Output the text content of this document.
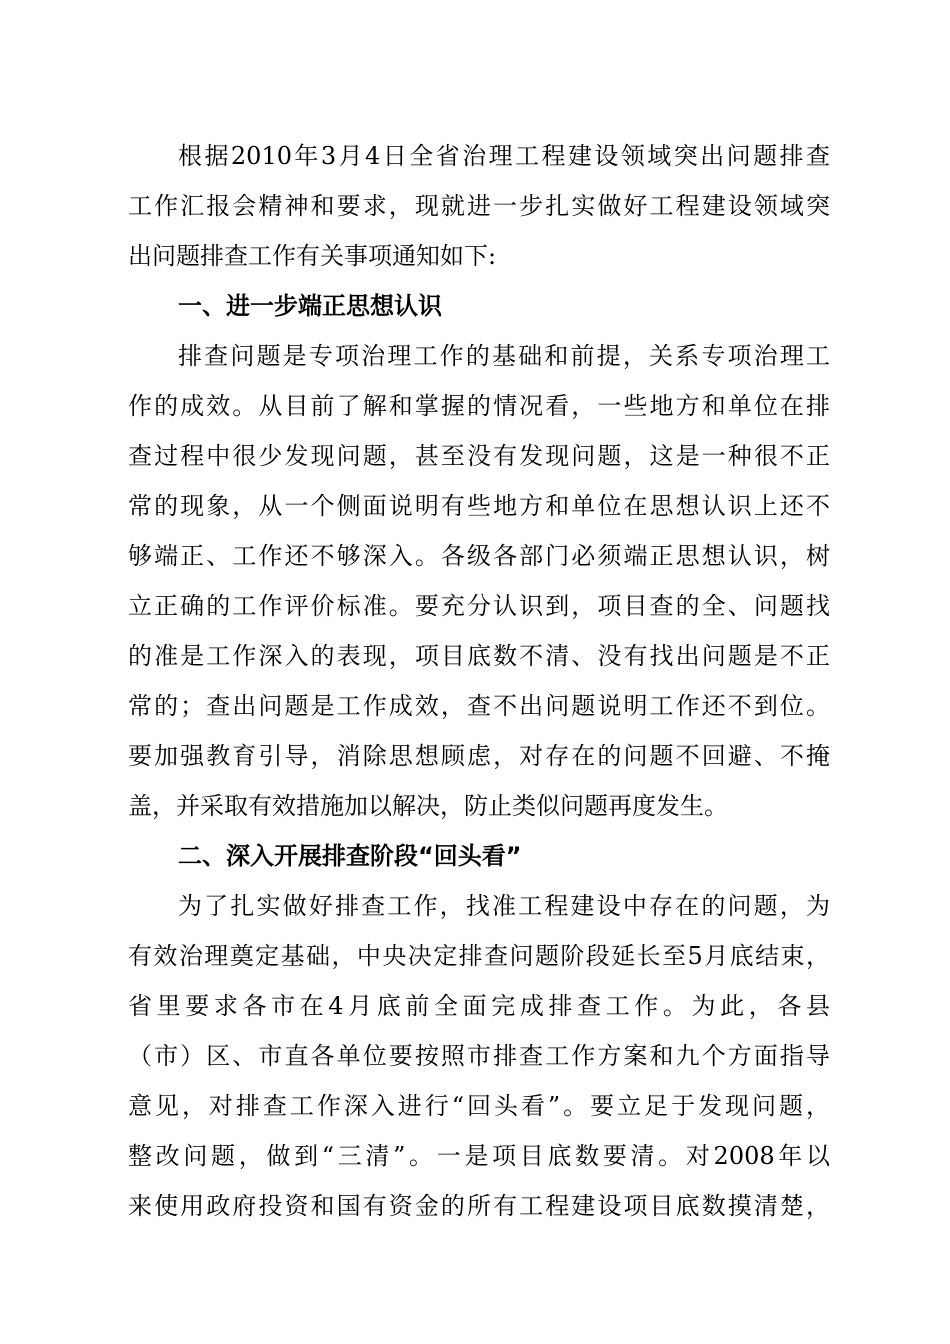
根据2010年3月4日全省治理工程建设领域突出问题排查
工作汇报会精神和要求，现就进一步扎实做好工程建设领域突
出问题排查工作有关事项通知如下:
一、进一步端正思想认识
排查问题是专项治理工作的基础和前提，关系专项治理工
作的成效。从目前了解和掌握的情况看，一些地方和单位在排
查过程中很少发现问题，甚至没有发现问题，这是一种很不正
常的现象，从一个侧面说明有些地方和单位在思想认识上还不
够端正、工作还不够深入。各级各部门必须端正思想认识，树
立正确的工作评价标准。要充分认识到，项目查的全、问题找
的准是工作深入的表现，项目底数不清、没有找出问题是不正
常的；查出问题是工作成效，查不出问题说明工作还不到位。
要加强教育引导，消除思想顾虑，对存在的问题不回避、不掩
盖，并采取有效措施加以解决，防止类似问题再度发生。
二、深入开展排查阶段“回头看”
为了扎实做好排查工作，找准工程建设中存在的问题，为
有效治理奠定基础，中央决定排查问题阶段延长至5月底结束，
省里要求各市在4月底前全面完成排查工作。为此，各县
（市）区、市直各单位要按照市排查工作方案和九个方面指导
意见，对排查工作深入进行“回头看”。要立足于发现问题，
整改问题，做到“三清”。一是项目底数要清。对2008年以
来使用政府投资和国有资金的所有工程建设项目底数摸清楚，
